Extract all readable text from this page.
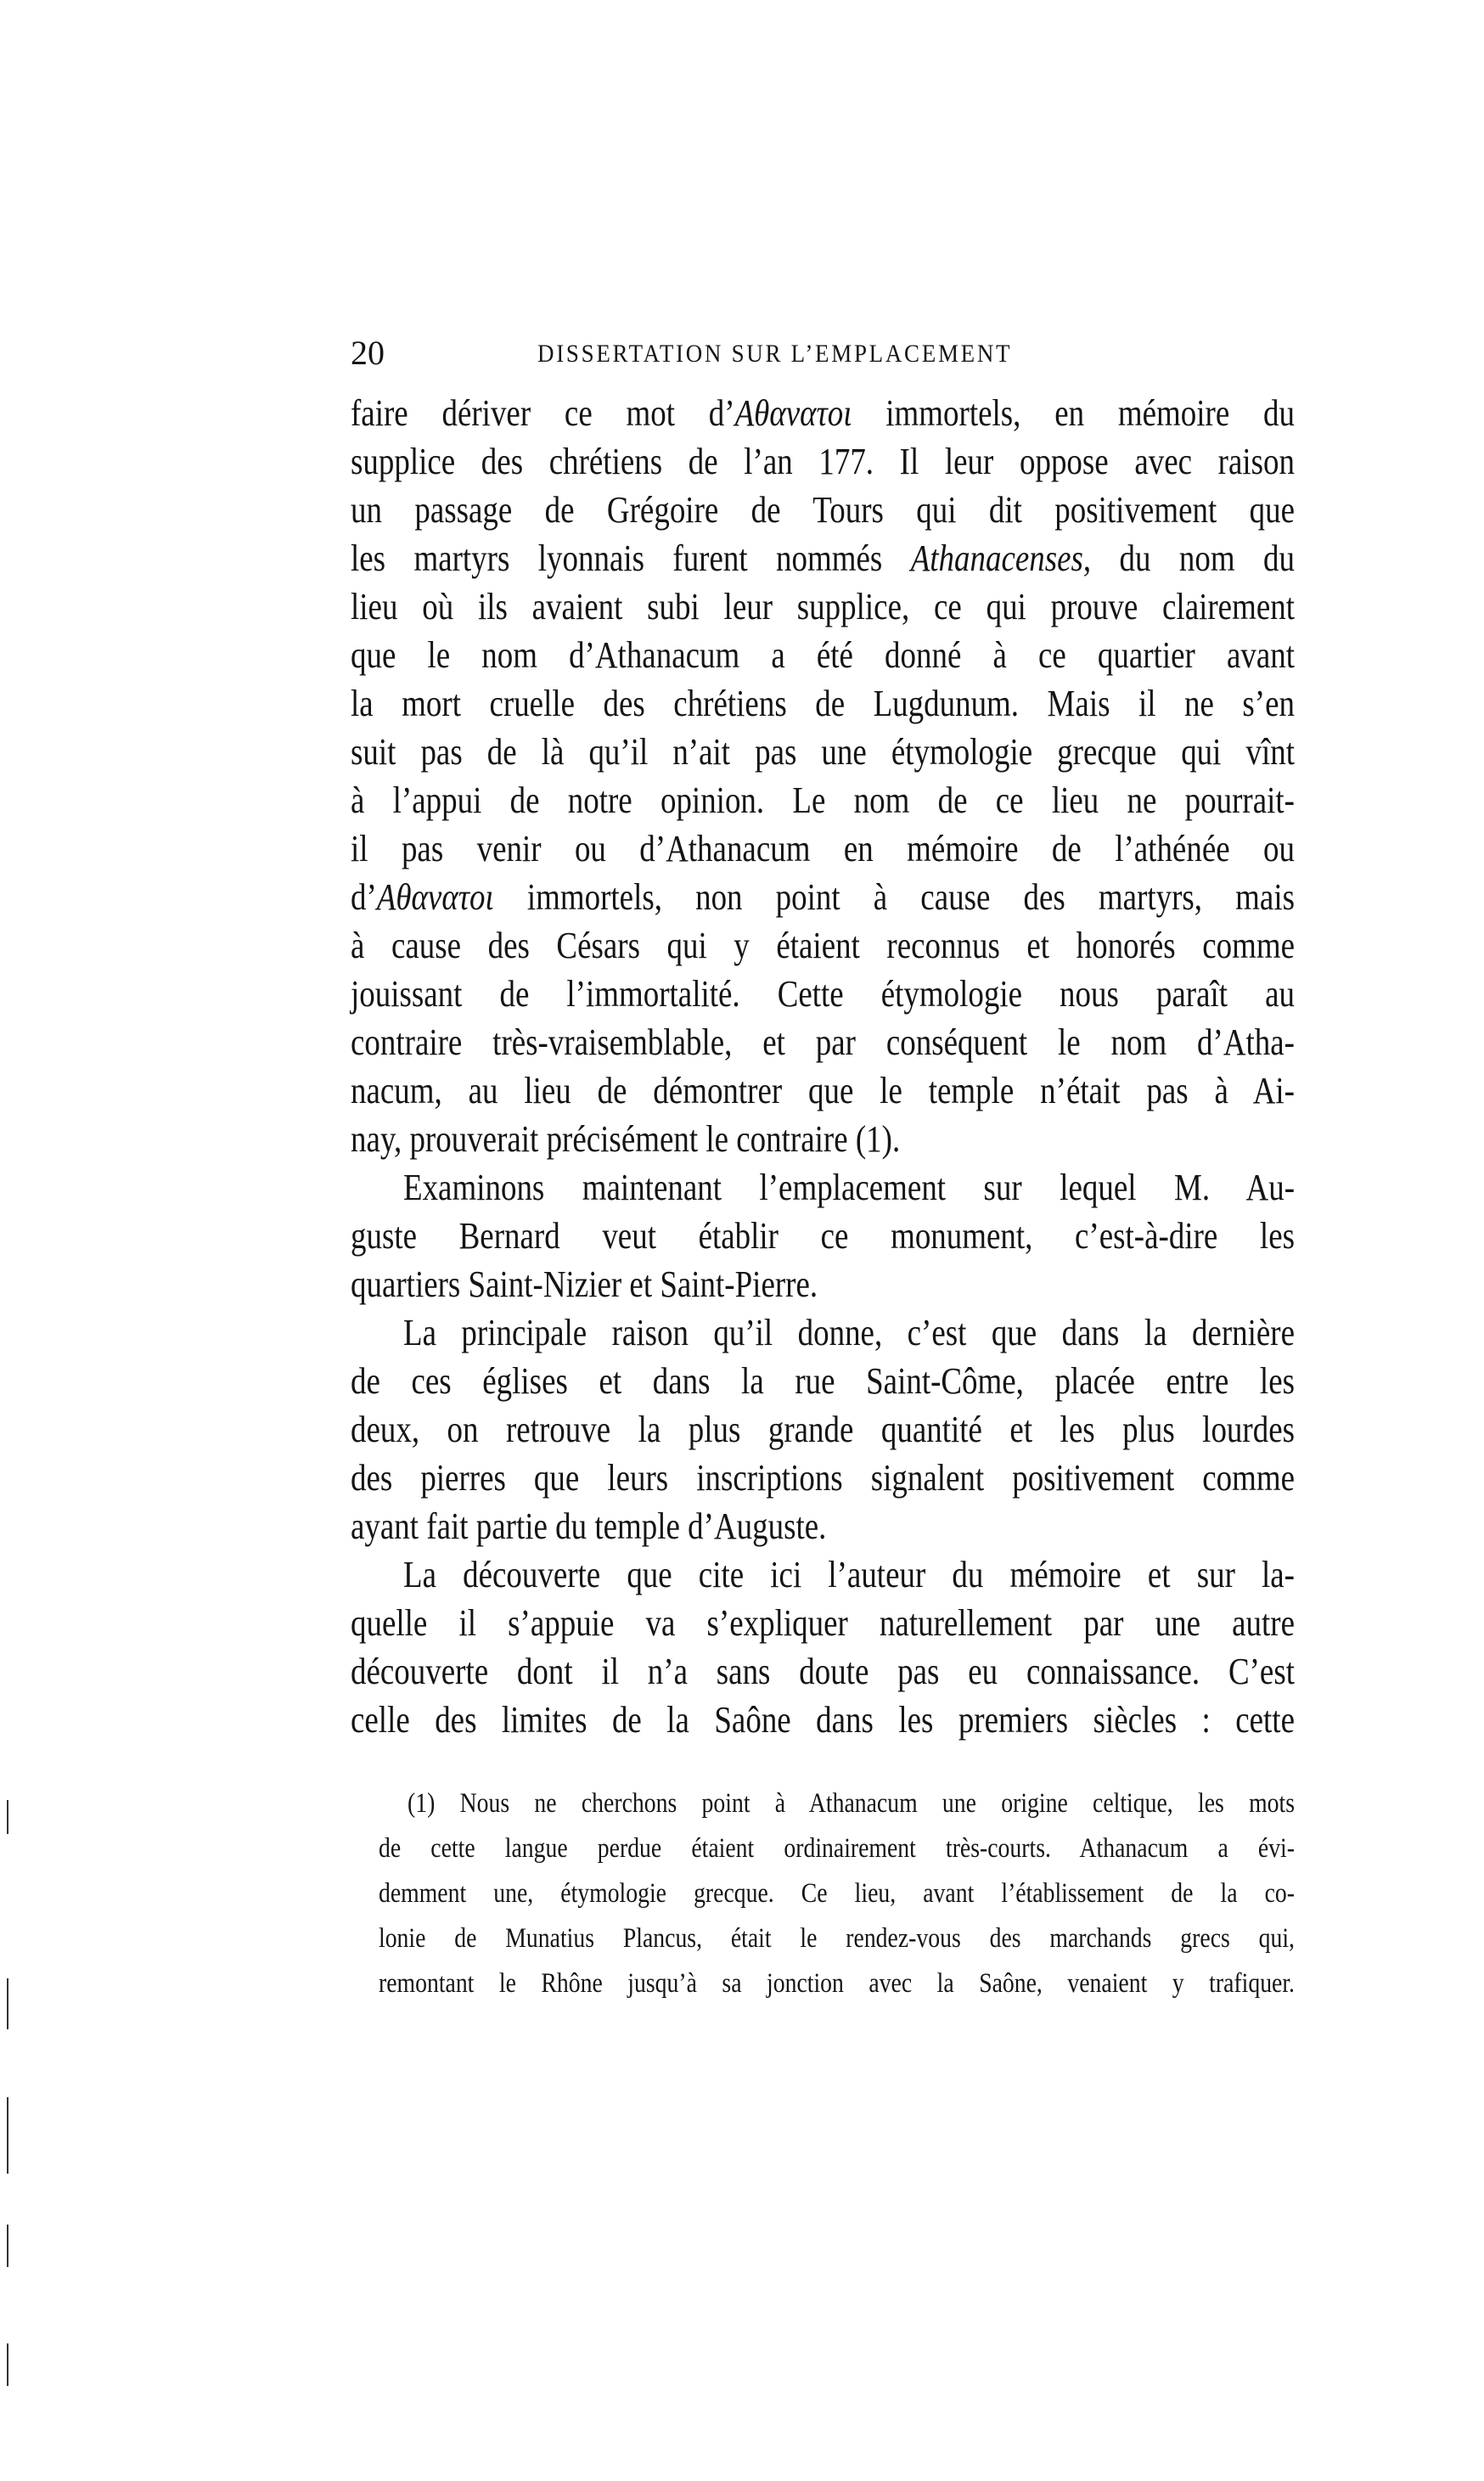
20	DISSERTATION SUR L’EMPLACEMENT
faire dériver ce mot d’Αθανατοι immortels, en mémoire du
supplice des chrétiens de l’an 177. Il leur oppose avec raison
un passage de Grégoire de Tours qui dit positivement que
les martyrs lyonnais furent nommés Athanacenses, du nom du
lieu où ils avaient subi leur supplice, ce qui prouve clairement
que le nom d’Athanacum a été donné à ce quartier avant
la mort cruelle des chrétiens de Lugdunum. Mais il ne s’en
suit pas de là qu’il n’ait pas une étymologie grecque qui vînt
à l’appui de notre opinion. Le nom de ce lieu ne pourrait-
il pas venir ou d’Athanacum en mémoire de l’athénée ou
d’Αθανατοι immortels, non point à cause des martyrs, mais
à cause des Césars qui y étaient reconnus et honorés comme
jouissant de l’immortalité. Cette étymologie nous paraît au
contraire très-vraisemblable, et par conséquent le nom d’Atha-
nacum, au lieu de démontrer que le temple n’était pas à Ai-
nay, prouverait précisément le contraire (1).
Examinons maintenant l’emplacement sur lequel M. Au-
guste Bernard veut établir ce monument, c’est-à-dire les
quartiers Saint-Nizier et Saint-Pierre.
La principale raison qu’il donne, c’est que dans la dernière
de ces églises et dans la rue Saint-Côme, placée entre les
deux, on retrouve la plus grande quantité et les plus lourdes
des pierres que leurs inscriptions signalent positivement comme
ayant fait partie du temple d’Auguste.
La découverte que cite ici l’auteur du mémoire et sur la-
quelle il s’appuie va s’expliquer naturellement par une autre
découverte dont il n’a sans doute pas eu connaissance. C’est
celle des limites de la Saône dans les premiers siècles : cette
(1) Nous ne cherchons point à Athanacum une origine celtique, les mots
de cette langue perdue étaient ordinairement très-courts. Athanacum a évi-
demment une, étymologie grecque. Ce lieu, avant l’établissement de la co-
lonie de Munatius Plancus, était le rendez-vous des marchands grecs qui,
remontant le Rhône jusqu’à sa jonction avec la Saône, venaient y trafiquer.
